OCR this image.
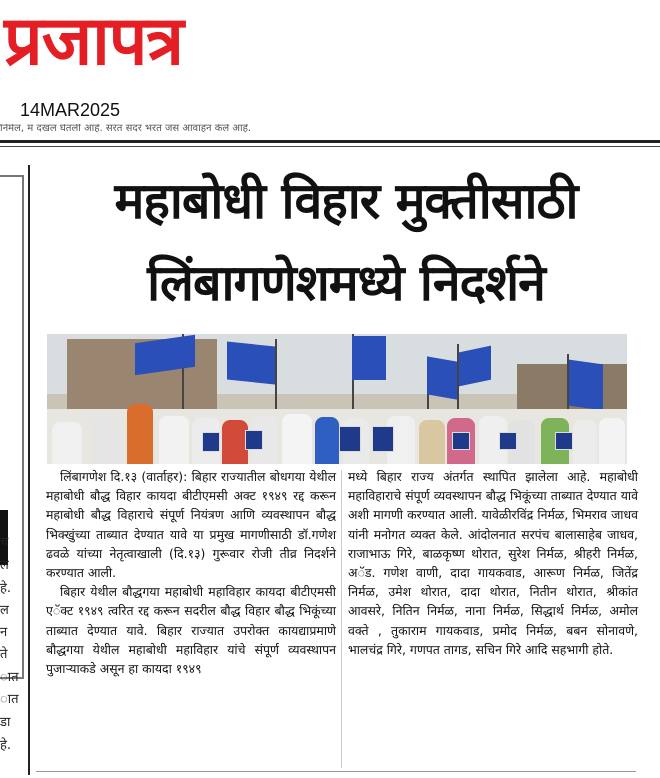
प्रजापत्र
14MAR2025
निर्मल, म दखल घेतली आहे. सरत सदर भरत जस आवाहन केले आहे.
च
ल
हे.
ल
न
ते
ात
ात
डा
हे.
महाबोधी विहार मुक्तीसाठी
लिंबागणेशमध्ये निदर्शने

लिंबागणेश दि.१३ (वार्ताहर): बिहार राज्यातील बोधगया येथील महाबोधी बौद्ध विहार कायदा बीटीएमसी अक्ट १९४९ रद्द करून महाबोधी बौद्ध विहाराचे संपूर्ण नियंत्रण आणि व्यवस्थापन बौद्ध भिक्खुंच्या ताब्यात देण्यात यावे या प्रमुख मागणीसाठी डॉ.गणेश ढवळे यांच्या नेतृत्वाखाली (दि.१३) गुरूवार रोजी तीव्र निदर्शने करण्यात आली.

बिहार येथील बौद्धगया महाबोधी महाविहार कायदा बीटीएमसी एॅक्ट १९४९ त्वरित रद्द करून सदरील बौद्ध विहार बौद्ध भिकूंच्या ताब्यात देण्यात यावे. बिहार राज्यात उपरोक्त कायद्याप्रमाणे बौद्धगया येथील महाबोधी महाविहार यांचे संपूर्ण व्यवस्थापन पुजाऱ्याकडे असून हा कायदा १९४९

मध्ये बिहार राज्य अंतर्गत स्थापित झालेला आहे. महाबोधी महाविहाराचे संपूर्ण व्यवस्थापन बौद्ध भिकूंच्या ताब्यात देण्यात यावे अशी मागणी करण्यात आली. यावेळीरविंद्र निर्मळ, भिमराव जाधव यांनी मनोगत व्यक्त केले. आंदोलनात सरपंच बालासाहेब जाधव, राजाभाऊ गिरे, बाळकृष्ण थोरात, सुरेश निर्मळ, श्रीहरी निर्मळ, अॅड. गणेश वाणी, दादा गायकवाड, आरूण निर्मळ, जितेंद्र निर्मळ, उमेश थोरात, दादा थोरात, नितीन थोरात, श्रीकांत आवसरे, नितिन निर्मळ, नाना निर्मळ, सिद्धार्थ निर्मळ, अमोल वक्ते , तुकाराम गायकवाड, प्रमोद निर्मळ, बबन सोनावणे, भालचंद्र गिरे, गणपत तागड, सचिन गिरे आदि सहभागी होते.
